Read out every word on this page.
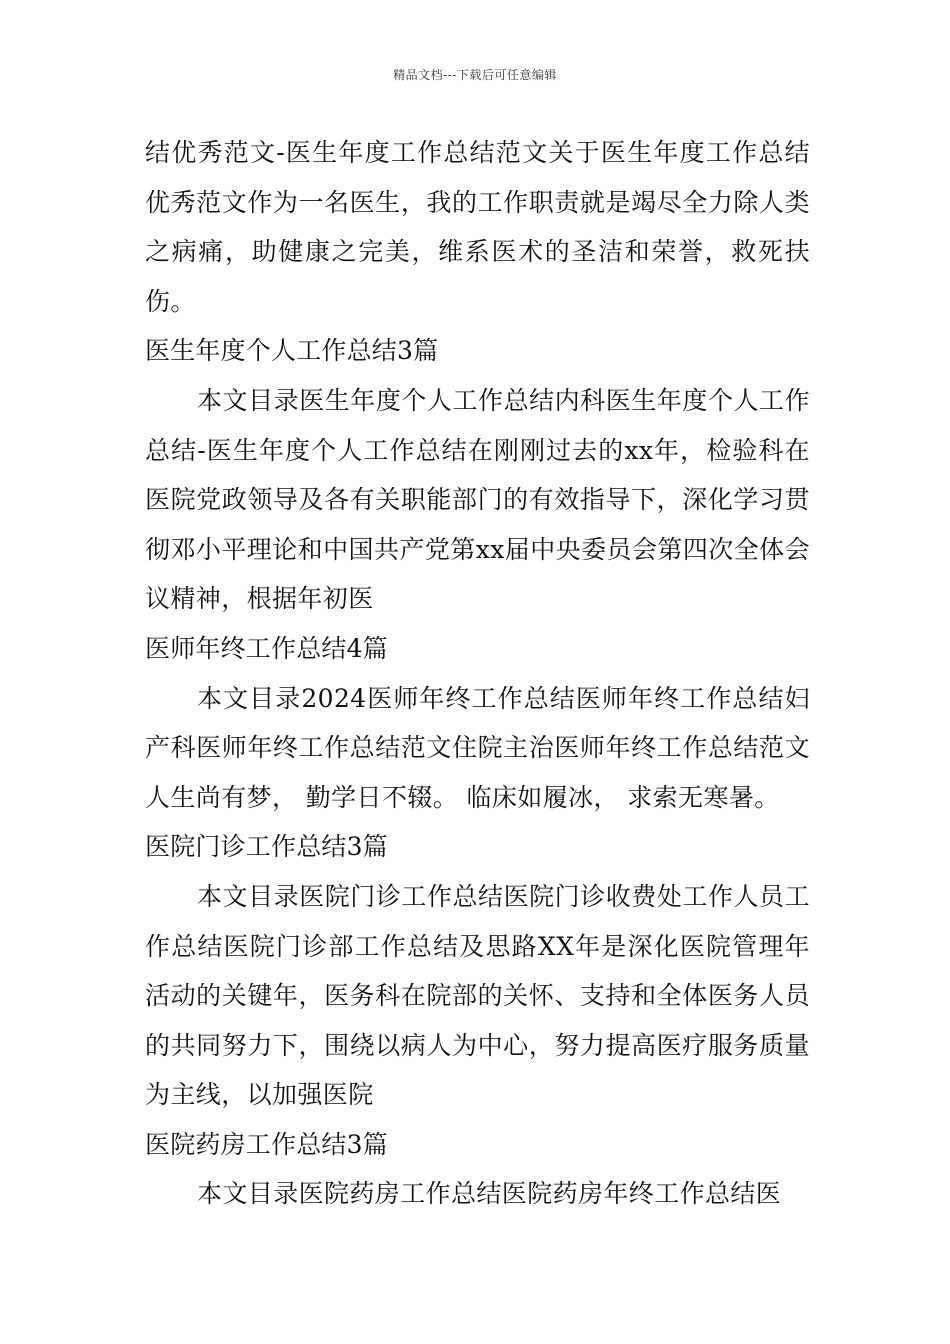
精品文档---下载后可任意编辑

结优秀范文-医生年度工作总结范文关于医生年度工作总结优秀范文作为一名医生，我的工作职责就是竭尽全力除人类之病痛，助健康之完美，维系医术的圣洁和荣誉，救死扶伤。

医生年度个人工作总结3篇

本文目录医生年度个人工作总结内科医生年度个人工作总结-医生年度个人工作总结在刚刚过去的xx年，检验科在医院党政领导及各有关职能部门的有效指导下，深化学习贯彻邓小平理论和中国共产党第xx届中央委员会第四次全体会议精神，根据年初医

医师年终工作总结4篇

本文目录2024医师年终工作总结医师年终工作总结妇产科医师年终工作总结范文住院主治医师年终工作总结范文人生尚有梦， 勤学日不辍。 临床如履冰， 求索无寒暑。

医院门诊工作总结3篇

本文目录医院门诊工作总结医院门诊收费处工作人员工作总结医院门诊部工作总结及思路XX年是深化医院管理年活动的关键年，医务科在院部的关怀、支持和全体医务人员的共同努力下，围绕以病人为中心，努力提高医疗服务质量为主线，以加强医院

医院药房工作总结3篇

本文目录医院药房工作总结医院药房年终工作总结医
